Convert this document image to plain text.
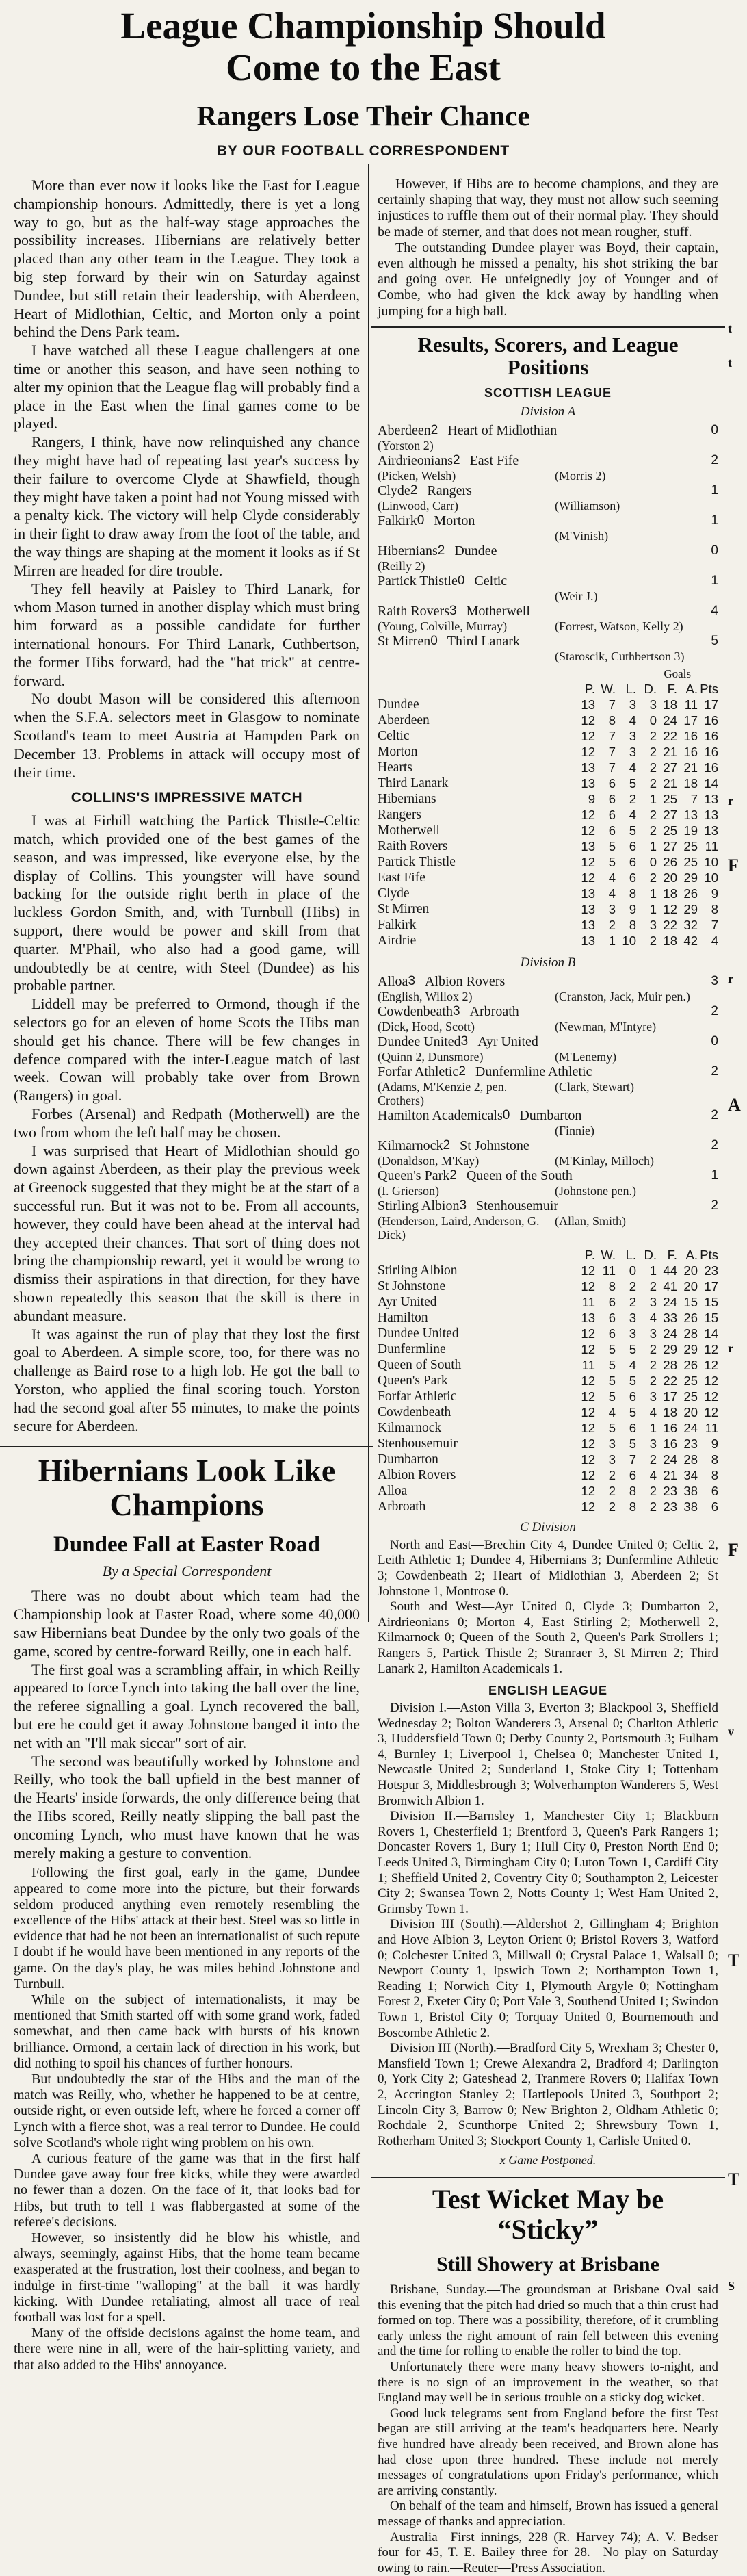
League Championship Should
Come to the East
Rangers Lose Their Chance
BY OUR FOOTBALL CORRESPONDENT

More than ever now it looks like the East for League championship honours. Admittedly, there is yet a long way to go, but as the half-way stage approaches the possibility increases. Hibernians are relatively better placed than any other team in the League. They took a big step forward by their win on Saturday against Dundee, but still retain their leadership, with Aberdeen, Heart of Midlothian, Celtic, and Morton only a point behind the Dens Park team.

I have watched all these League challengers at one time or another this season, and have seen nothing to alter my opinion that the League flag will probably find a place in the East when the final games come to be played.

Rangers, I think, have now relinquished any chance they might have had of repeating last year's success by their failure to overcome Clyde at Shawfield, though they might have taken a point had not Young missed with a penalty kick. The victory will help Clyde considerably in their fight to draw away from the foot of the table, and the way things are shaping at the moment it looks as if St Mirren are headed for dire trouble.

They fell heavily at Paisley to Third Lanark, for whom Mason turned in another display which must bring him forward as a possible candidate for further international honours. For Third Lanark, Cuthbertson, the former Hibs forward, had the "hat trick" at centre-forward.

No doubt Mason will be considered this afternoon when the S.F.A. selectors meet in Glasgow to nominate Scotland's team to meet Austria at Hampden Park on December 13. Problems in attack will occupy most of their time.

COLLINS'S IMPRESSIVE MATCH

I was at Firhill watching the Partick Thistle-Celtic match, which provided one of the best games of the season, and was impressed, like everyone else, by the display of Collins. This youngster will have sound backing for the outside right berth in place of the luckless Gordon Smith, and, with Turnbull (Hibs) in support, there would be power and skill from that quarter. M'Phail, who also had a good game, will undoubtedly be at centre, with Steel (Dundee) as his probable partner.

Liddell may be preferred to Ormond, though if the selectors go for an eleven of home Scots the Hibs man should get his chance. There will be few changes in defence compared with the inter-League match of last week. Cowan will probably take over from Brown (Rangers) in goal.

Forbes (Arsenal) and Redpath (Motherwell) are the two from whom the left half may be chosen.

I was surprised that Heart of Midlothian should go down against Aberdeen, as their play the previous week at Greenock suggested that they might be at the start of a successful run. But it was not to be. From all accounts, however, they could have been ahead at the interval had they accepted their chances. That sort of thing does not bring the championship reward, yet it would be wrong to dismiss their aspirations in that direction, for they have shown repeatedly this season that the skill is there in abundant measure.

It was against the run of play that they lost the first goal to Aberdeen. A simple score, too, for there was no challenge as Baird rose to a high lob. He got the ball to Yorston, who applied the final scoring touch. Yorston had the second goal after 55 minutes, to make the points secure for Aberdeen.

Hibernians Look Like
Champions
Dundee Fall at Easter Road
By a Special Correspondent

There was no doubt about which team had the Championship look at Easter Road, where some 40,000 saw Hibernians beat Dundee by the only two goals of the game, scored by centre-forward Reilly, one in each half.

The first goal was a scrambling affair, in which Reilly appeared to force Lynch into taking the ball over the line, the referee signalling a goal. Lynch recovered the ball, but ere he could get it away Johnstone banged it into the net with an "I'll mak siccar" sort of air.

The second was beautifully worked by Johnstone and Reilly, who took the ball upfield in the best manner of the Hearts' inside forwards, the only difference being that the Hibs scored, Reilly neatly slipping the ball past the oncoming Lynch, who must have known that he was merely making a gesture to convention.

Following the first goal, early in the game, Dundee appeared to come more into the picture, but their forwards seldom produced anything even remotely resembling the excellence of the Hibs' attack at their best. Steel was so little in evidence that had he not been an internationalist of such repute I doubt if he would have been mentioned in any reports of the game. On the day's play, he was miles behind Johnstone and Turnbull.

While on the subject of internationalists, it may be mentioned that Smith started off with some grand work, faded somewhat, and then came back with bursts of his known brilliance. Ormond, a certain lack of direction in his work, but did nothing to spoil his chances of further honours.

But undoubtedly the star of the Hibs and the man of the match was Reilly, who, whether he happened to be at centre, outside right, or even outside left, where he forced a corner off Lynch with a fierce shot, was a real terror to Dundee. He could solve Scotland's whole right wing problem on his own.

A curious feature of the game was that in the first half Dundee gave away four free kicks, while they were awarded no fewer than a dozen. On the face of it, that looks bad for Hibs, but truth to tell I was flabbergasted at some of the referee's decisions.

However, so insistently did he blow his whistle, and always, seemingly, against Hibs, that the home team became exasperated at the frustration, lost their coolness, and began to indulge in first-time "walloping" at the ball—it was hardly kicking. With Dundee retaliating, almost all trace of real football was lost for a spell.

Many of the offside decisions against the home team, and there were nine in all, were of the hair-splitting variety, and that also added to the Hibs' annoyance.

However, if Hibs are to become champions, and they are certainly shaping that way, they must not allow such seeming injustices to ruffle them out of their normal play. They should be made of sterner, and that does not mean rougher, stuff.

The outstanding Dundee player was Boyd, their captain, even although he missed a penalty, his shot striking the bar and going over. He unfeignedly joy of Younger and of Combe, who had given the kick away by handling when jumping for a high ball.

Results, Scorers, and League
Positions
SCOTTISH LEAGUE
Division A
Aberdeen 2 Heart of Midlothian	0
(Yorston 2)
Airdrieonians 2 East Fife	2
(Picken, Welsh)	(Morris 2)
Clyde 2 Rangers	1
(Linwood, Carr)	(Williamson)
Falkirk 0 Morton	1
(M'Vinish)
Hibernians 2 Dundee	0
(Reilly 2)
Partick Thistle 0 Celtic	1
(Weir J.)
Raith Rovers 3 Motherwell	4
(Young, Colville, Murray)	(Forrest, Watson, Kelly 2)
St Mirren 0 Third Lanark	5
(Staroscik, Cuthbertson 3)
Goals
	P.	W.	L.	D.	F.	A.	Pts
Dundee	13	7	3	3	18	11	17
Aberdeen	12	8	4	0	24	17	16
Celtic	12	7	3	2	22	16	16
Morton	12	7	3	2	21	16	16
Hearts	13	7	4	2	27	21	16
Third Lanark	13	6	5	2	21	18	14
Hibernians	9	6	2	1	25	7	13
Rangers	12	6	4	2	27	13	13
Motherwell	12	6	5	2	25	19	13
Raith Rovers	13	5	6	1	27	25	11
Partick Thistle	12	5	6	0	26	25	10
East Fife	12	4	6	2	20	29	10
Clyde	13	4	8	1	18	26	9
St Mirren	13	3	9	1	12	29	8
Falkirk	13	2	8	3	22	32	7
Airdrie	13	1	10	2	18	42	4
Division B
Alloa 3 Albion Rovers	3
(English, Willox 2)	(Cranston, Jack, Muir pen.)
Cowdenbeath 3 Arbroath	2
(Dick, Hood, Scott)	(Newman, M'Intyre)
Dundee United 3 Ayr United	0
(Quinn 2, Dunsmore)	(M'Lenemy)
Forfar Athletic 2 Dunfermline Athletic	2
(Adams, M'Kenzie 2, pen. Crothers)
(Clark, Stewart)
Hamilton Academicals 0 Dumbarton	2
(Finnie)
Kilmarnock 2 St Johnstone	2
(Donaldson, M'Kay)	(M'Kinlay, Milloch)
Queen's Park 2 Queen of the South	1
(I. Grierson)	(Johnstone pen.)
Stirling Albion 3 Stenhousemuir	2
(Henderson, Laird, Anderson, G. Dick)
(Allan, Smith)
	P.	W.	L.	D.	F.	A.	Pts
Stirling Albion	12	11	0	1	44	20	23
St Johnstone	12	8	2	2	41	20	17
Ayr United	11	6	2	3	24	15	15
Hamilton	13	6	3	4	33	26	15
Dundee United	12	6	3	3	24	28	14
Dunfermline	12	5	5	2	29	29	12
Queen of South	11	5	4	2	28	26	12
Queen's Park	12	5	5	2	22	25	12
Forfar Athletic	12	5	6	3	17	25	12
Cowdenbeath	12	4	5	4	18	20	12
Kilmarnock	12	5	6	1	16	24	11
Stenhousemuir	12	3	5	3	16	23	9
Dumbarton	12	3	7	2	24	28	8
Albion Rovers	12	2	6	4	21	34	8
Alloa	12	2	8	2	23	38	6
Arbroath	12	2	8	2	23	38	6
C Division

North and East—Brechin City 4, Dundee United 0; Celtic 2, Leith Athletic 1; Dundee 4, Hibernians 3; Dunfermline Athletic 3; Cowdenbeath 2; Heart of Midlothian 3, Aberdeen 2; St Johnstone 1, Montrose 0.

South and West—Ayr United 0, Clyde 3; Dumbarton 2, Airdrieonians 0; Morton 4, East Stirling 2; Motherwell 2, Kilmarnock 0; Queen of the South 2, Queen's Park Strollers 1; Rangers 5, Partick Thistle 2; Stranraer 3, St Mirren 2; Third Lanark 2, Hamilton Academicals 1.

ENGLISH LEAGUE

Division I.—Aston Villa 3, Everton 3; Blackpool 3, Sheffield Wednesday 2; Bolton Wanderers 3, Arsenal 0; Charlton Athletic 3, Huddersfield Town 0; Derby County 2, Portsmouth 3; Fulham 4, Burnley 1; Liverpool 1, Chelsea 0; Manchester United 1, Newcastle United 2; Sunderland 1, Stoke City 1; Tottenham Hotspur 3, Middlesbrough 3; Wolverhampton Wanderers 5, West Bromwich Albion 1.

Division II.—Barnsley 1, Manchester City 1; Blackburn Rovers 1, Chesterfield 1; Brentford 3, Queen's Park Rangers 1; Doncaster Rovers 1, Bury 1; Hull City 0, Preston North End 0; Leeds United 3, Birmingham City 0; Luton Town 1, Cardiff City 1; Sheffield United 2, Coventry City 0; Southampton 2, Leicester City 2; Swansea Town 2, Notts County 1; West Ham United 2, Grimsby Town 1.

Division III (South).—Aldershot 2, Gillingham 4; Brighton and Hove Albion 3, Leyton Orient 0; Bristol Rovers 3, Watford 0; Colchester United 3, Millwall 0; Crystal Palace 1, Walsall 0; Newport County 1, Ipswich Town 2; Northampton Town 1, Reading 1; Norwich City 1, Plymouth Argyle 0; Nottingham Forest 2, Exeter City 0; Port Vale 3, Southend United 1; Swindon Town 1, Bristol City 0; Torquay United 0, Bournemouth and Boscombe Athletic 2.

Division III (North).—Bradford City 5, Wrexham 3; Chester 0, Mansfield Town 1; Crewe Alexandra 2, Bradford 4; Darlington 0, York City 2; Gateshead 2, Tranmere Rovers 0; Halifax Town 2, Accrington Stanley 2; Hartlepools United 3, Southport 2; Lincoln City 3, Barrow 0; New Brighton 2, Oldham Athletic 0; Rochdale 2, Scunthorpe United 2; Shrewsbury Town 1, Rotherham United 3; Stockport County 1, Carlisle United 0.

x Game Postponed.
Test Wicket May be
“Sticky”
Still Showery at Brisbane

Brisbane, Sunday.—The groundsman at Brisbane Oval said this evening that the pitch had dried so much that a thin crust had formed on top. There was a possibility, therefore, of it crumbling early unless the right amount of rain fell between this evening and the time for rolling to enable the roller to bind the top.

Unfortunately there were many heavy showers to-night, and there is no sign of an improvement in the weather, so that England may well be in serious trouble on a sticky dog wicket.

Good luck telegrams sent from England before the first Test began are still arriving at the team's headquarters here. Nearly five hundred have already been received, and Brown alone has had close upon three hundred. These include not merely messages of congratulations upon Friday's performance, which are arriving constantly.

On behalf of the team and himself, Brown has issued a general message of thanks and appreciation.

Australia—First innings, 228 (R. Harvey 74); A. V. Bedser four for 45, T. E. Bailey three for 28.—No play on Saturday owing to rain.—Reuter—Press Association.

t
t
r
F
r
A
r
F
v
T
T
S
